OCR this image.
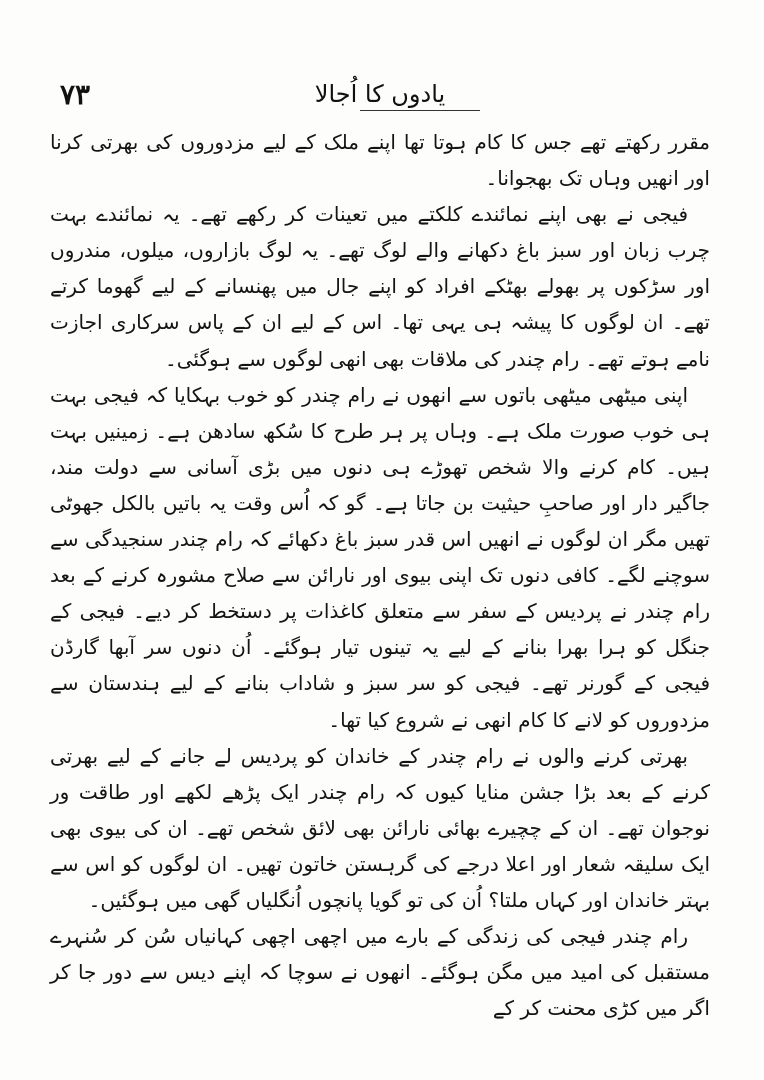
۷۳	یادوں کا اُجالا

مقرر رکھتے تھے جس کا کام ہوتا تھا اپنے ملک کے لیے مزدوروں کی بھرتی کرنا اور انھیں وہاں تک بھجوانا۔

فیجی نے بھی اپنے نمائندے کلکتے میں تعینات کر رکھے تھے۔ یہ نمائندے بہت چرب زبان اور سبز باغ دکھانے والے لوگ تھے۔ یہ لوگ بازاروں، میلوں، مندروں اور سڑکوں پر بھولے بھٹکے افراد کو اپنے جال میں پھنسانے کے لیے گھوما کرتے تھے۔ ان لوگوں کا پیشہ ہی یہی تھا۔ اس کے لیے ان کے پاس سرکاری اجازت نامے ہوتے تھے۔ رام چندر کی ملاقات بھی انھی لوگوں سے ہوگئی۔

اپنی میٹھی میٹھی باتوں سے انھوں نے رام چندر کو خوب بہکایا کہ فیجی بہت ہی خوب صورت ملک ہے۔ وہاں پر ہر طرح کا سُکھ سادھن ہے۔ زمینیں بہت ہیں۔ کام کرنے والا شخص تھوڑے ہی دنوں میں بڑی آسانی سے دولت مند، جاگیر دار اور صاحبِ حیثیت بن جاتا ہے۔ گو کہ اُس وقت یہ باتیں بالکل جھوٹی تھیں مگر ان لوگوں نے انھیں اس قدر سبز باغ دکھائے کہ رام چندر سنجیدگی سے سوچنے لگے۔ کافی دنوں تک اپنی بیوی اور نارائن سے صلاح مشورہ کرنے کے بعد رام چندر نے پردیس کے سفر سے متعلق کاغذات پر دستخط کر دیے۔ فیجی کے جنگل کو ہرا بھرا بنانے کے لیے یہ تینوں تیار ہوگئے۔ اُن دنوں سر آبھا گارڈن فیجی کے گورنر تھے۔ فیجی کو سر سبز و شاداب بنانے کے لیے ہندستان سے مزدوروں کو لانے کا کام انھی نے شروع کیا تھا۔

بھرتی کرنے والوں نے رام چندر کے خاندان کو پردیس لے جانے کے لیے بھرتی کرنے کے بعد بڑا جشن منایا کیوں کہ رام چندر ایک پڑھے لکھے اور طاقت ور نوجوان تھے۔ ان کے چچیرے بھائی نارائن بھی لائق شخص تھے۔ ان کی بیوی بھی ایک سلیقہ شعار اور اعلا درجے کی گرہستن خاتون تھیں۔ ان لوگوں کو اس سے بہتر خاندان اور کہاں ملتا؟ اُن کی تو گویا پانچوں اُنگلیاں گھی میں ہوگئیں۔

رام چندر فیجی کی زندگی کے بارے میں اچھی اچھی کہانیاں سُن کر سُنہرے مستقبل کی امید میں مگن ہوگئے۔ انھوں نے سوچا کہ اپنے دیس سے دور جا کر اگر میں کڑی محنت کر کے
